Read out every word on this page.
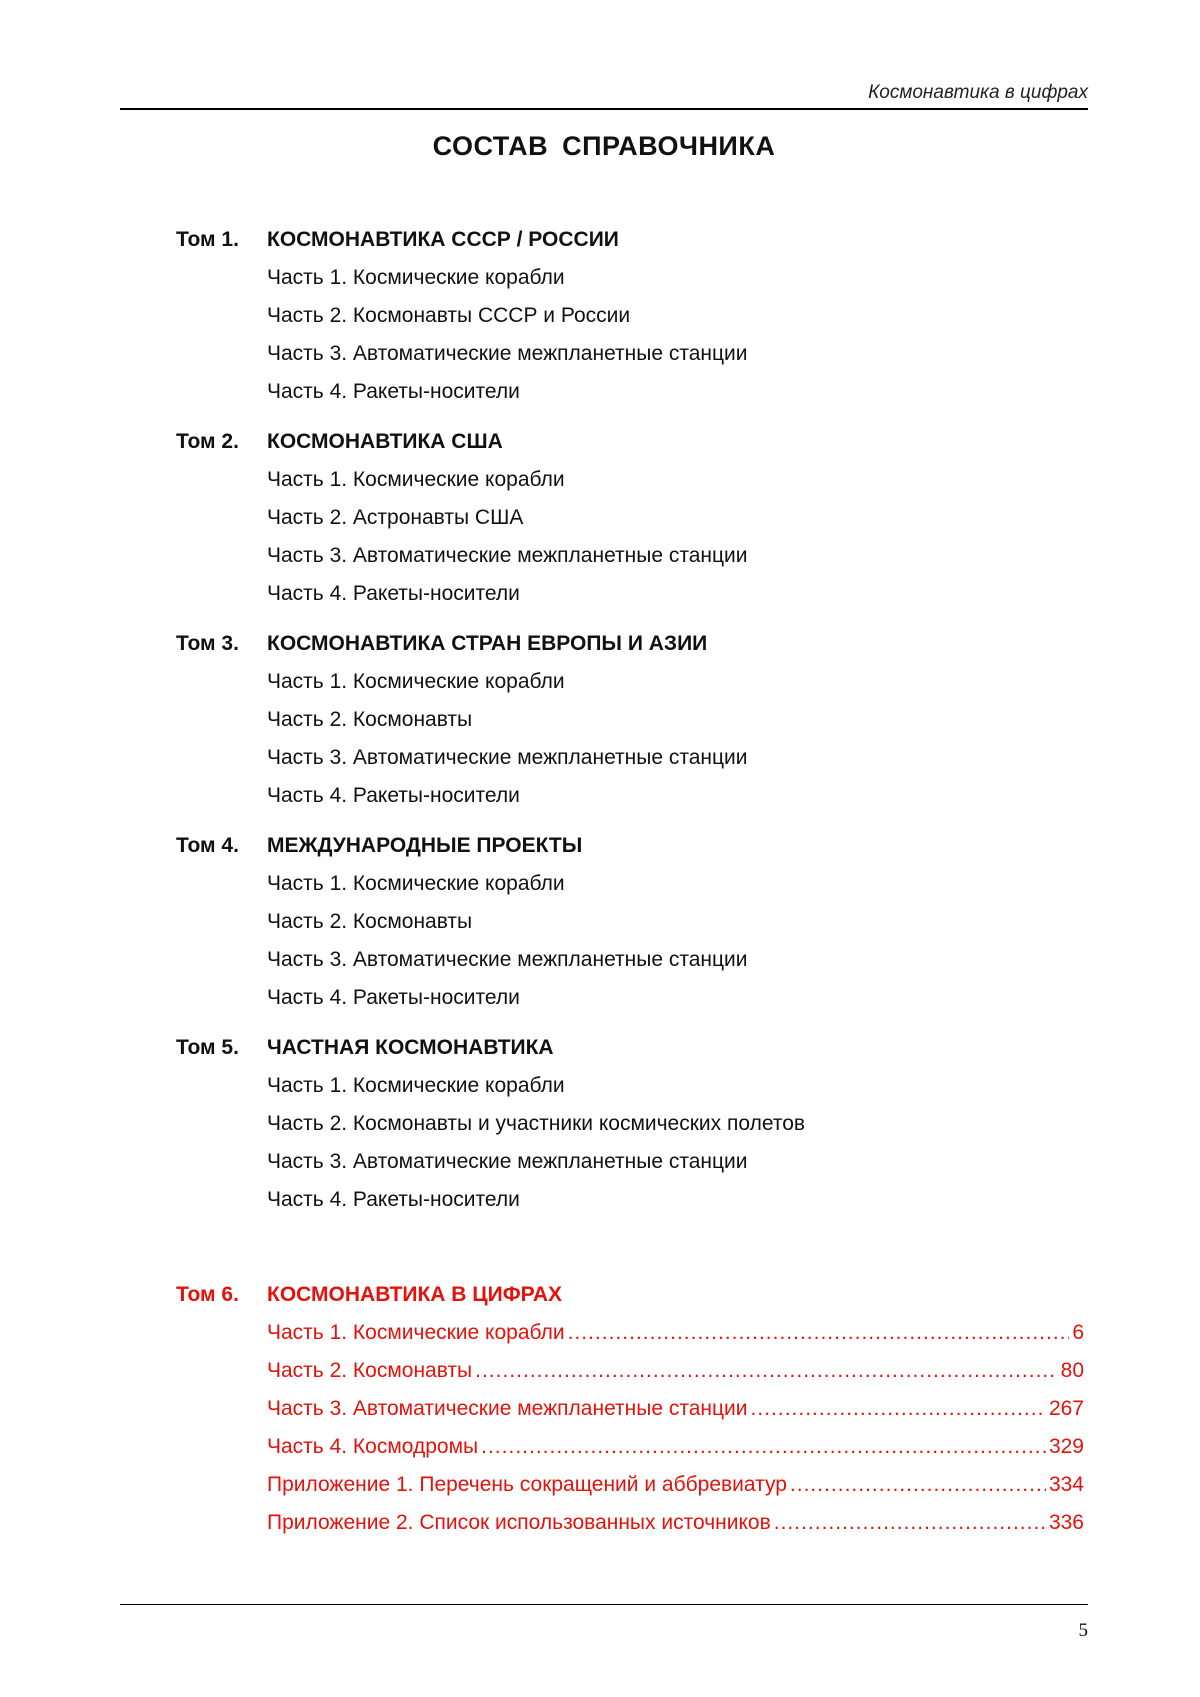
Космонавтика в цифрах
СОСТАВ СПРАВОЧНИКА
Том 1. КОСМОНАВТИКА СССР / РОССИИ
Часть 1. Космические корабли
Часть 2. Космонавты СССР и России
Часть 3. Автоматические межпланетные станции
Часть 4. Ракеты-носители
Том 2. КОСМОНАВТИКА США
Часть 1. Космические корабли
Часть 2. Астронавты США
Часть 3. Автоматические межпланетные станции
Часть 4. Ракеты-носители
Том 3. КОСМОНАВТИКА СТРАН ЕВРОПЫ И АЗИИ
Часть 1. Космические корабли
Часть 2. Космонавты
Часть 3. Автоматические межпланетные станции
Часть 4. Ракеты-носители
Том 4. МЕЖДУНАРОДНЫЕ ПРОЕКТЫ
Часть 1. Космические корабли
Часть 2. Космонавты
Часть 3. Автоматические межпланетные станции
Часть 4. Ракеты-носители
Том 5. ЧАСТНАЯ КОСМОНАВТИКА
Часть 1. Космические корабли
Часть 2. Космонавты и участники космических полетов
Часть 3. Автоматические межпланетные станции
Часть 4. Ракеты-носители
Том 6. КОСМОНАВТИКА В ЦИФРАХ
Часть 1. Космические корабли .....	6
Часть 2. Космонавты .....	80
Часть 3. Автоматические межпланетные станции .....	267
Часть 4. Космодромы .....	329
Приложение 1. Перечень сокращений и аббревиатур .....	334
Приложение 2. Список использованных источников .....	336
5
